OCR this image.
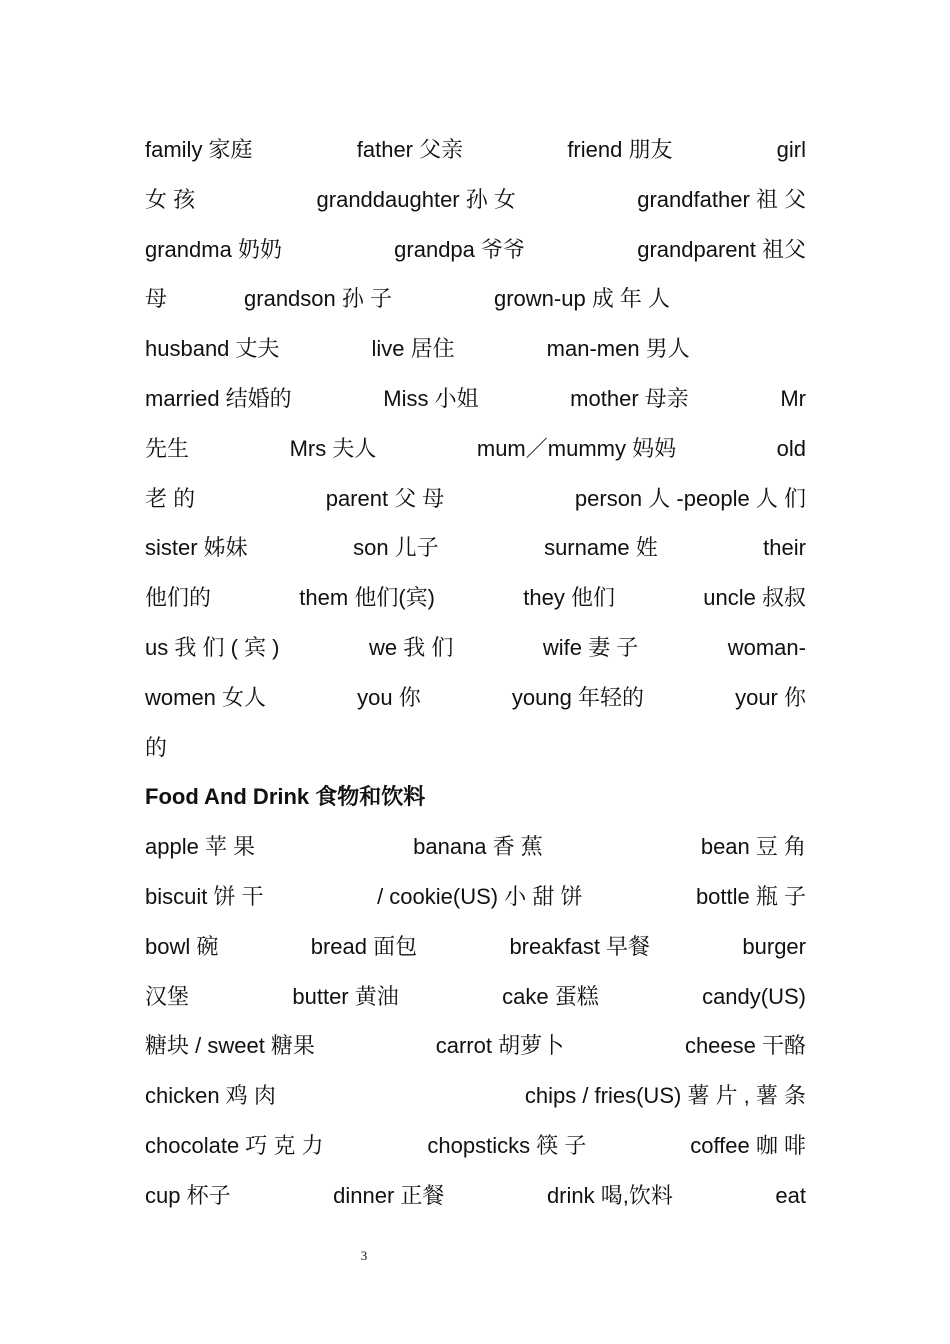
family 家庭	father 父亲	friend 朋友	girl
女 孩	granddaughter 孙 女	grandfather 祖 父
grandma 奶奶	grandpa 爷爷	grandparent 祖父
母	grandson 孙 子	grown-up 成 年 人
husband 丈夫	live 居住	man-men 男人
married 结婚的	Miss 小姐	mother 母亲	Mr
先生	Mrs 夫人	mum／mummy 妈妈	old
老 的	parent 父 母	person 人 -people 人 们
sister 姊妹	son 儿子	surname 姓	their
他们的	them 他们(宾)	they 他们	uncle 叔叔
us 我 们 ( 宾 )	we 我 们	wife 妻 子	woman-
women 女人	you 你	young 年轻的	your 你
的
Food And Drink 食物和饮料
apple 苹 果	banana 香 蕉	bean 豆 角
biscuit 饼 干	/ cookie(US) 小 甜 饼	bottle 瓶 子
bowl 碗	bread 面包	breakfast 早餐	burger
汉堡	butter 黄油	cake 蛋糕	candy(US)
糖块 / sweet 糖果	carrot 胡萝卜	cheese 干酪
chicken 鸡 肉	chips / fries(US) 薯 片 , 薯 条
chocolate 巧 克 力	chopsticks 筷 子	coffee 咖 啡
cup 杯子	dinner 正餐	drink 喝,饮料	eat
3
